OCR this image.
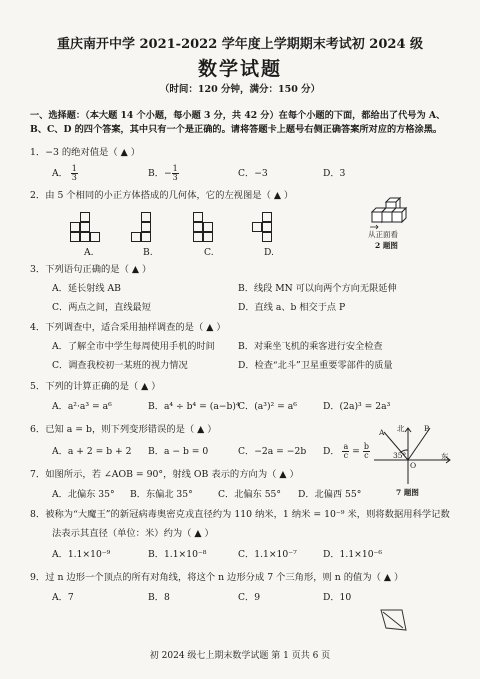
重庆南开中学 2021-2022 学年度上学期期末考试初 2024 级
数学试题
（时间：120 分钟，满分：150 分）
一、选择题：（本大题 14 个小题，每小题 3 分，共 42 分）在每个小题的下面，都给出了代号为 A、B、C、D 的四个答案，其中只有一个是正确的。请将答题卡上题号右侧正确答案所对应的方格涂黑。
1．−3 的绝对值是（ ▲ ）
A． $\frac{1}{3}$	B．− $\frac{1}{3}$	C．−3	D．3
2．由 5 个相同的小正方体搭成的几何体，它的左视图是（ ▲ ）
A.	B.	C.	D.
从正面看
2 题图
3．下列语句正确的是（ ▲ ）
A．延长射线 AB	B．线段 MN 可以向两个方向无限延伸
C．两点之间，直线最短	D．直线 a、b 相交于点 P
4．下列调查中，适合采用抽样调查的是（ ▲ ）
A．了解全市中学生每周使用手机的时间	B．对乘坐飞机的乘客进行安全检查
C．调查我校初一某班的视力情况	D．检查“北斗”卫星重要零部件的质量
5．下列的计算正确的是（ ▲ ）
A．a²·a³ = a⁶	B．a⁴ ÷ b⁴ = (a−b)⁴
C．(a³)² = a⁶	D．(2a)³ = 2a³
6．已知 a = b，则下列变形错误的是（ ▲ ）
A．a + 2 = b + 2 B．a − b = 0	C．−2a = −2b D． $\frac{a}{c} = \frac{b}{c}$
A	B
北
东
O
35°
7 题图
7．如图所示，若 ∠AOB = 90°，射线 OB 表示的方向为（ ▲ ）
A．北偏东 35° B．东偏北 35°	C．北偏东 55° D．北偏西 55°
8．被称为“大魔王”的新冠病毒奥密克戎直径约为 110 纳米，1 纳米 = 10⁻⁹ 米，则将数据用科学记数
法表示其直径（单位：米）约为（ ▲ ）
A．1.1×10⁻⁹	B．1.1×10⁻⁸	C．1.1×10⁻⁷	D．1.1×10⁻⁶
9．过 n 边形一个顶点的所有对角线，将这个 n 边形分成 7 个三角形，则 n 的值为（ ▲ ）
A．7	B．8	C．9	D．10
初 2024 级七上期末数学试题 第 1 页共 6 页
